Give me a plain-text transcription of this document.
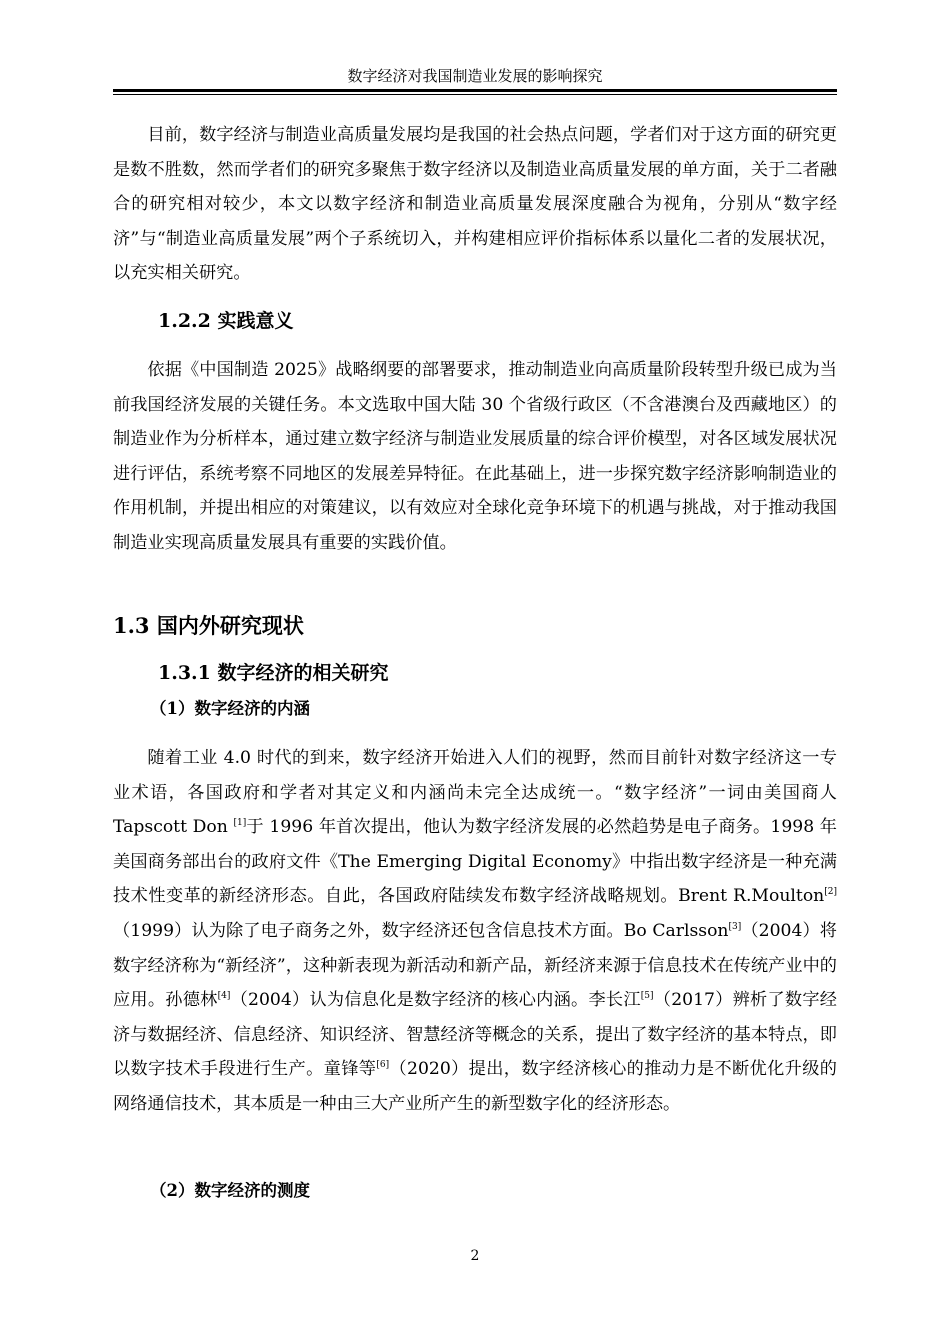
数字经济对我国制造业发展的影响探究

目前，数字经济与制造业高质量发展均是我国的社会热点问题，学者们对于这方面的研究更是数不胜数，然而学者们的研究多聚焦于数字经济以及制造业高质量发展的单方面，关于二者融合的研究相对较少，本文以数字经济和制造业高质量发展深度融合为视角，分别从“数字经济”与“制造业高质量发展”两个子系统切入，并构建相应评价指标体系以量化二者的发展状况，以充实相关研究。

1.2.2 实践意义

依据《中国制造 2025》战略纲要的部署要求，推动制造业向高质量阶段转型升级已成为当前我国经济发展的关键任务。本文选取中国大陆 30 个省级行政区（不含港澳台及西藏地区）的制造业作为分析样本，通过建立数字经济与制造业发展质量的综合评价模型，对各区域发展状况进行评估，系统考察不同地区的发展差异特征。在此基础上，进一步探究数字经济影响制造业的作用机制，并提出相应的对策建议，以有效应对全球化竞争环境下的机遇与挑战，对于推动我国制造业实现高质量发展具有重要的实践价值。

1.3 国内外研究现状
1.3.1 数字经济的相关研究
（1）数字经济的内涵

随着工业 4.0 时代的到来，数字经济开始进入人们的视野，然而目前针对数字经济这一专业术语，各国政府和学者对其定义和内涵尚未完全达成统一。“数字经济”一词由美国商人 Tapscott Don [1]于 1996 年首次提出，他认为数字经济发展的必然趋势是电子商务。1998 年美国商务部出台的政府文件《The Emerging Digital Economy》中指出数字经济是一种充满技术性变革的新经济形态。自此，各国政府陆续发布数字经济战略规划。Brent R.Moulton[2]（1999）认为除了电子商务之外，数字经济还包含信息技术方面。Bo Carlsson[3]（2004）将数字经济称为“新经济”，这种新表现为新活动和新产品，新经济来源于信息技术在传统产业中的应用。孙德林[4]（2004）认为信息化是数字经济的核心内涵。李长江[5]（2017）辨析了数字经济与数据经济、信息经济、知识经济、智慧经济等概念的关系，提出了数字经济的基本特点，即以数字技术手段进行生产。童锋等[6]（2020）提出，数字经济核心的推动力是不断优化升级的网络通信技术，其本质是一种由三大产业所产生的新型数字化的经济形态。

（2）数字经济的测度
2
